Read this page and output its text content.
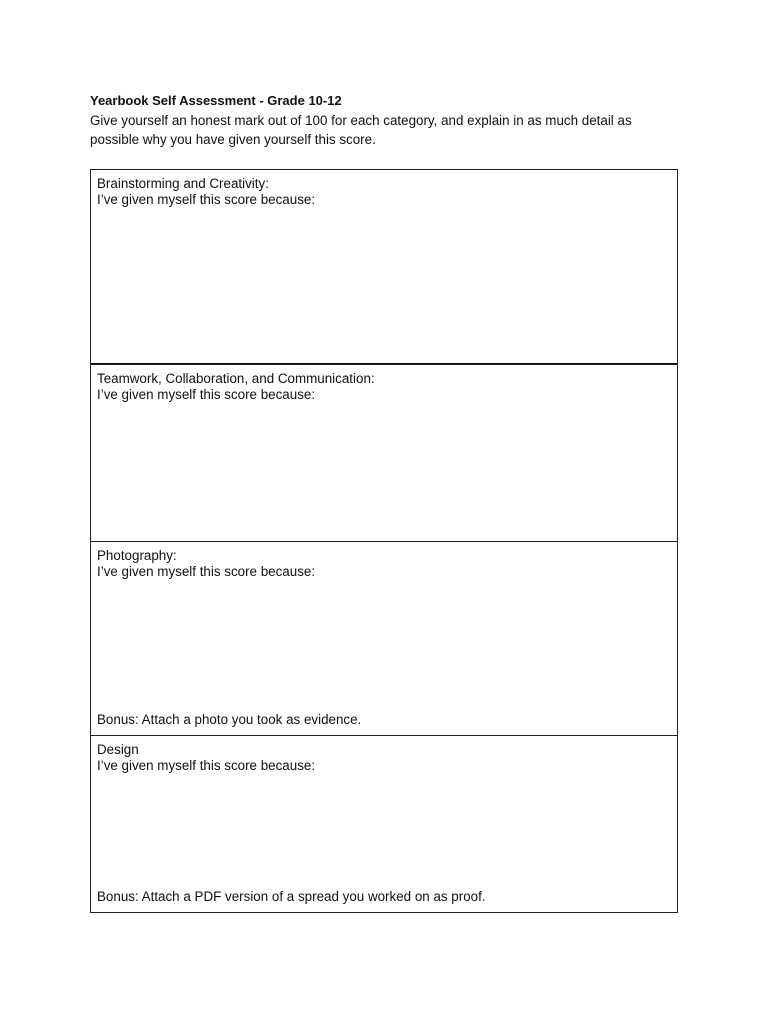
Yearbook Self Assessment - Grade 10-12
Give yourself an honest mark out of 100 for each category, and explain in as much detail as
possible why you have given yourself this score.
Brainstorming and Creativity:
I’ve given myself this score because:
Teamwork, Collaboration, and Communication:
I’ve given myself this score because:
Photography:
I’ve given myself this score because:
Bonus: Attach a photo you took as evidence.
Design
I’ve given myself this score because:
Bonus: Attach a PDF version of a spread you worked on as proof.
